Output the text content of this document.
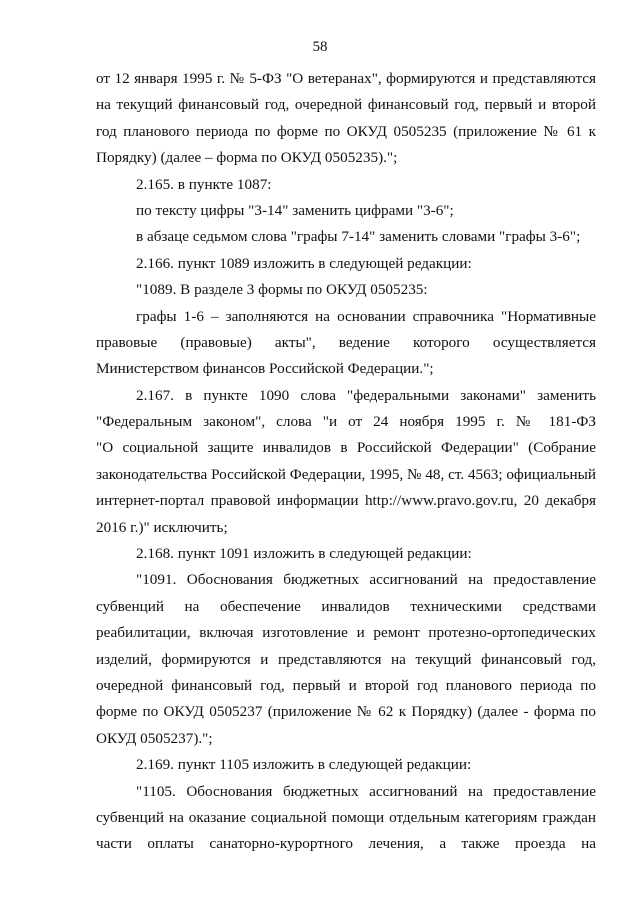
58
от 12 января 1995 г. № 5-ФЗ "О ветеранах", формируются и представляются
на текущий финансовый год, очередной финансовый год, первый и второй
год планового периода по форме по ОКУД 0505235 (приложение № 61 к
Порядку) (далее – форма по ОКУД 0505235).";
2.165. в пункте 1087:
по тексту цифры "3-14" заменить цифрами "3-6";
в абзаце седьмом слова "графы 7-14" заменить словами "графы 3-6";
2.166. пункт 1089 изложить в следующей редакции:
"1089. В разделе 3 формы по ОКУД 0505235:
графы 1-6 – заполняются на основании справочника "Нормативные
правовые (правовые) акты", ведение которого осуществляется
Министерством финансов Российской Федерации.";
2.167. в пункте 1090 слова "федеральными законами" заменить
"Федеральным законом", слова "и от 24 ноября 1995 г. № 181-ФЗ
"О социальной защите инвалидов в Российской Федерации" (Собрание
законодательства Российской Федерации, 1995, № 48, ст. 4563; официальный
интернет-портал правовой информации http://www.pravo.gov.ru, 20 декабря
2016 г.)" исключить;
2.168. пункт 1091 изложить в следующей редакции:
"1091. Обоснования бюджетных ассигнований на предоставление
субвенций на обеспечение инвалидов техническими средствами
реабилитации, включая изготовление и ремонт протезно-ортопедических
изделий, формируются и представляются на текущий финансовый год,
очередной финансовый год, первый и второй год планового периода по
форме по ОКУД 0505237 (приложение № 62 к Порядку) (далее - форма по
ОКУД 0505237).";
2.169. пункт 1105 изложить в следующей редакции:
"1105. Обоснования бюджетных ассигнований на предоставление
субвенций на оказание социальной помощи отдельным категориям граждан
части оплаты санаторно-курортного лечения, а также проезда на
